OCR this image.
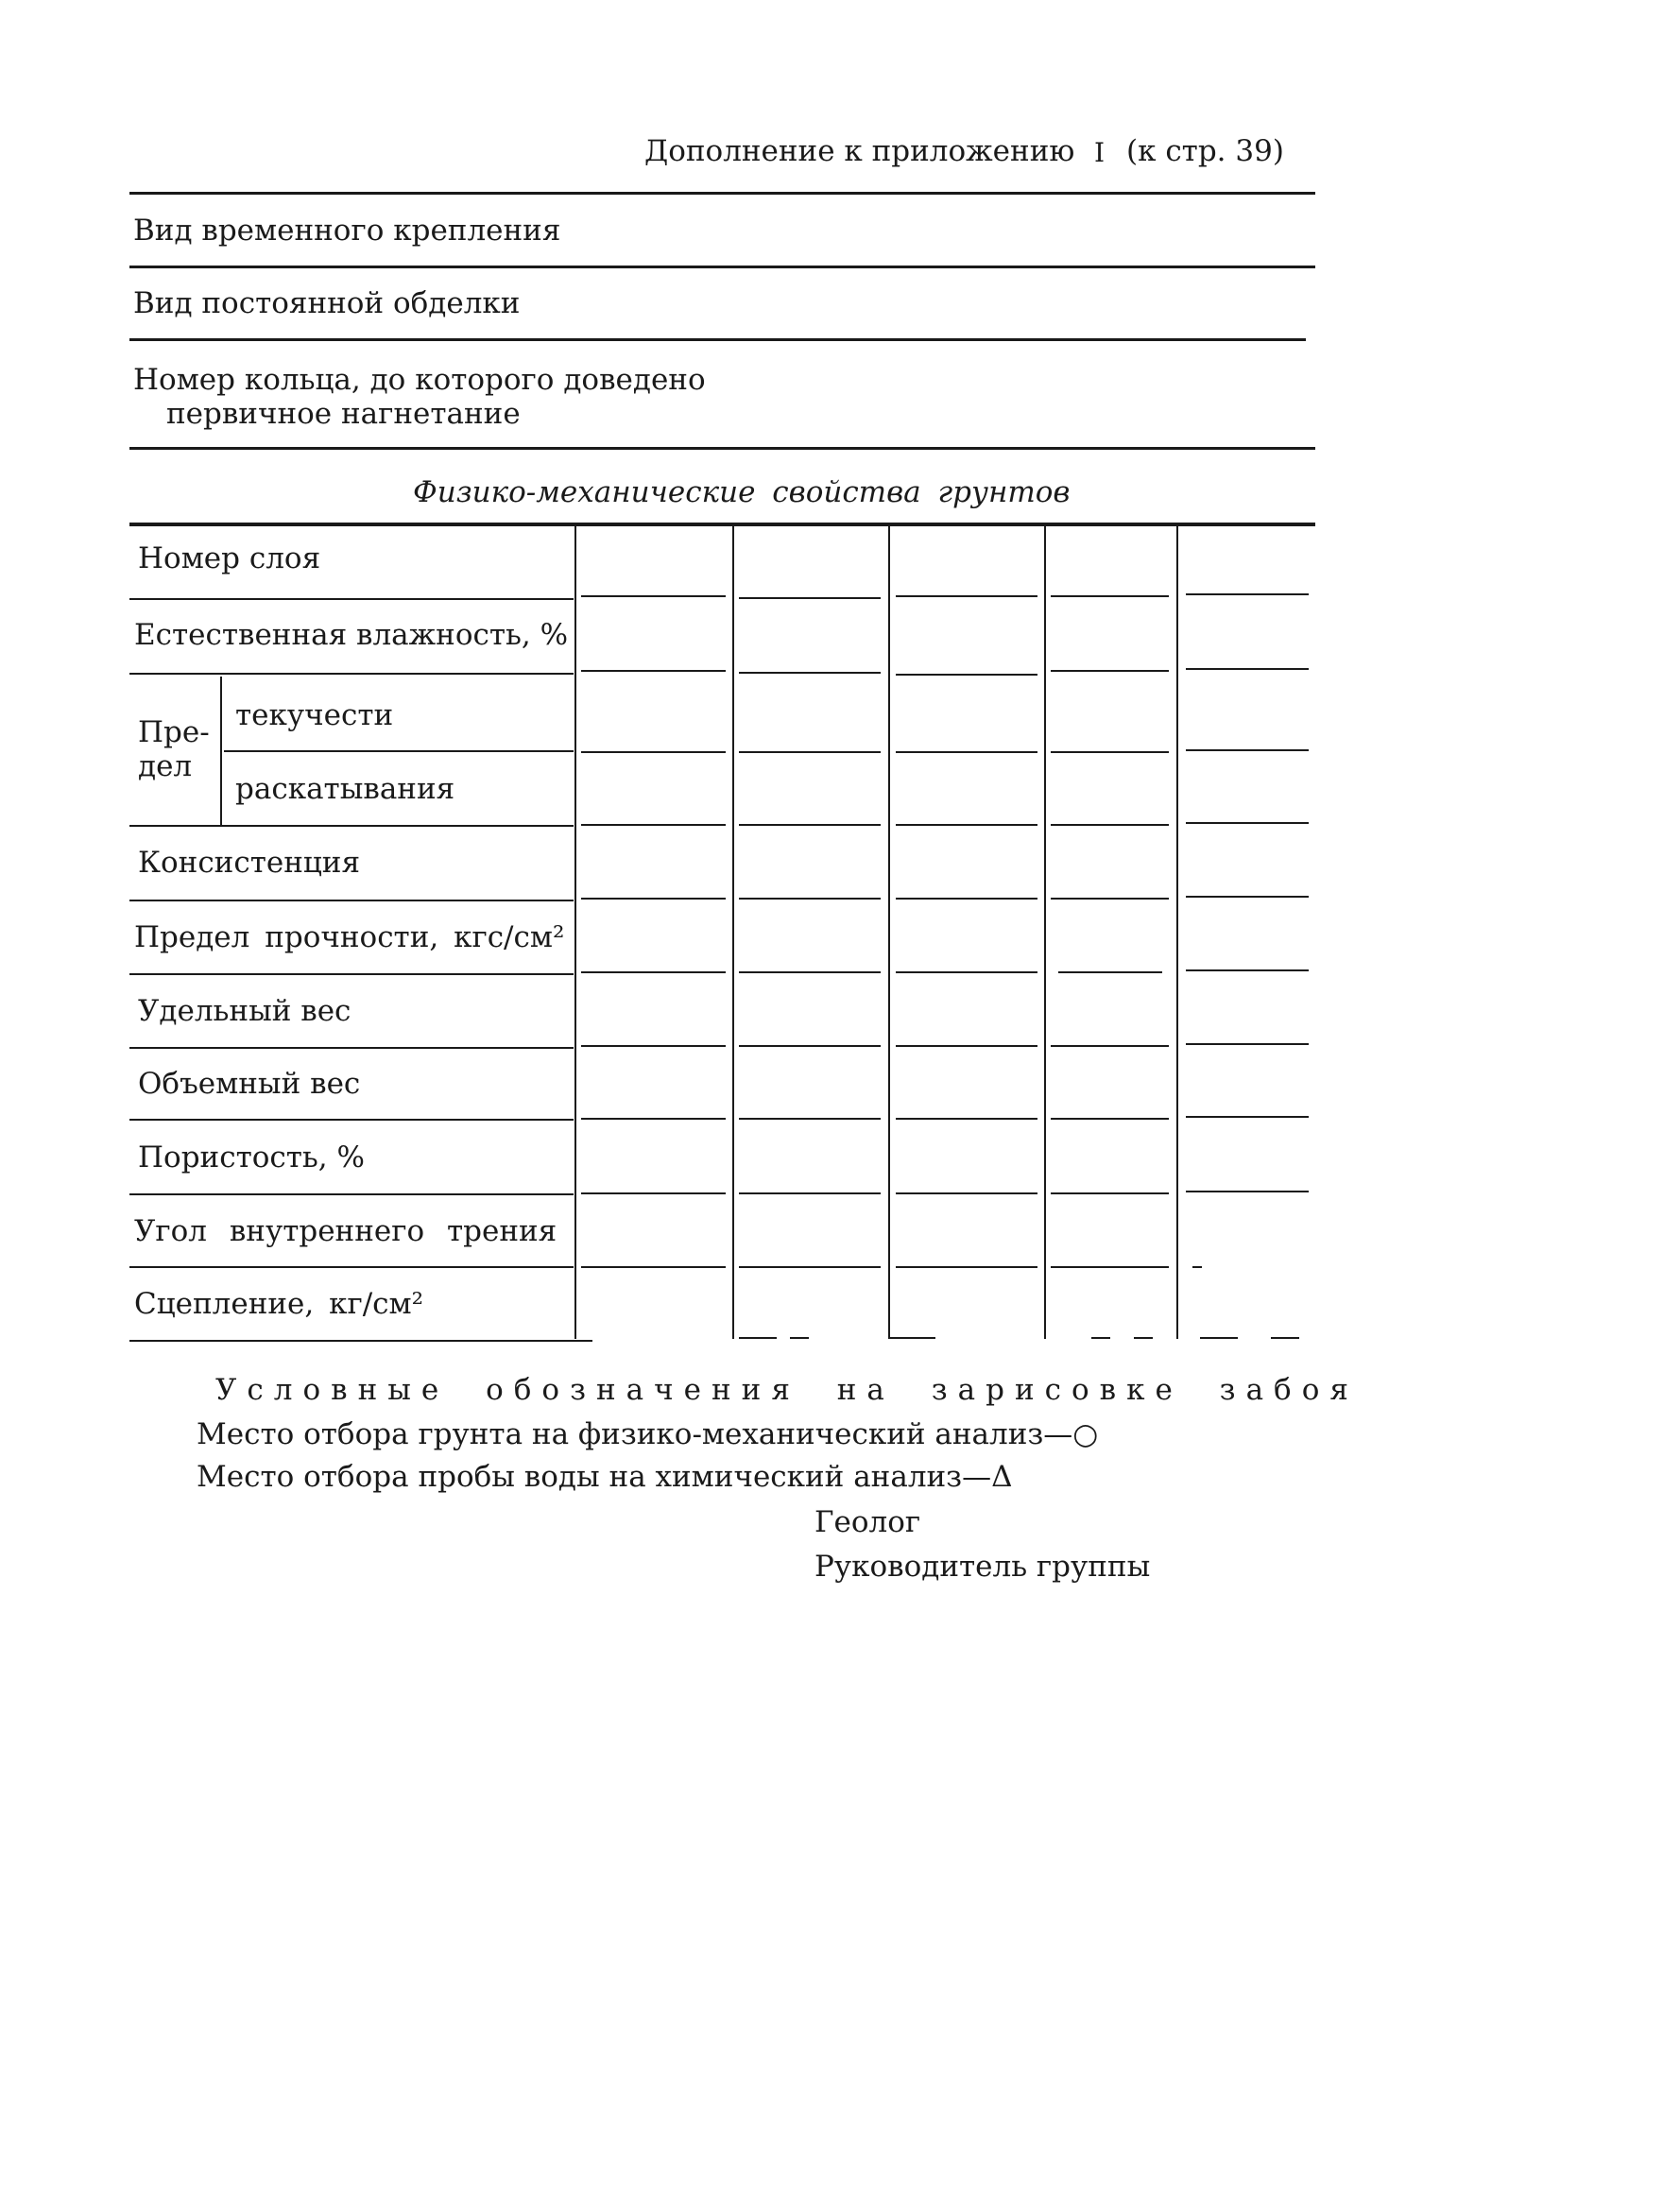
Дополнение к приложению I (к стр. 39)
Вид временного крепления
Вид постоянной обделки
Номер кольца, до которого доведено
первичное нагнетание
Физико-механические свойства грунтов
Номер слоя
Естественная влажность, %
Пре-
дел
текучести
раскатывания
Консистенция
Предел прочности, кгс/см²
Удельный вес
Объемный вес
Пористость, %
Угол внутреннего трения
Сцепление, кг/см²
Условные обозначения на зарисовке забоя
Место отбора грунта на физико-механический анализ—○
Место отбора пробы воды на химический анализ—Δ
Геолог
Руководитель группы
